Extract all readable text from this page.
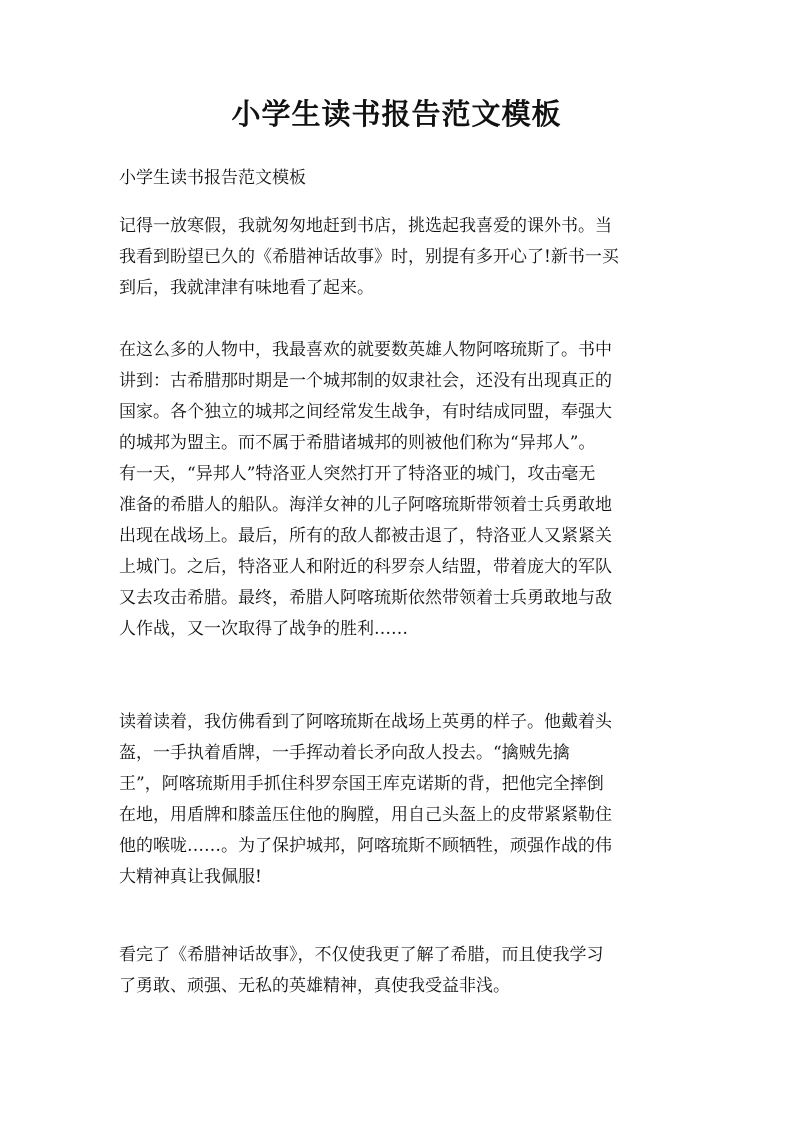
小学生读书报告范文模板
小学生读书报告范文模板
记得一放寒假，我就匆匆地赶到书店，挑选起我喜爱的课外书。当
我看到盼望已久的《希腊神话故事》时，别提有多开心了!新书一买
到后，我就津津有味地看了起来。
在这么多的人物中，我最喜欢的就要数英雄人物阿喀琉斯了。书中
讲到：古希腊那时期是一个城邦制的奴隶社会，还没有出现真正的
国家。各个独立的城邦之间经常发生战争，有时结成同盟，奉强大
的城邦为盟主。而不属于希腊诸城邦的则被他们称为“异邦人”。
有一天，“异邦人”特洛亚人突然打开了特洛亚的城门，攻击毫无
准备的希腊人的船队。海洋女神的儿子阿喀琉斯带领着士兵勇敢地
出现在战场上。最后，所有的敌人都被击退了，特洛亚人又紧紧关
上城门。之后，特洛亚人和附近的科罗奈人结盟，带着庞大的军队
又去攻击希腊。最终，希腊人阿喀琉斯依然带领着士兵勇敢地与敌
人作战，又一次取得了战争的胜利……
读着读着，我仿佛看到了阿喀琉斯在战场上英勇的样子。他戴着头
盔，一手执着盾牌，一手挥动着长矛向敌人投去。“擒贼先擒
王”，阿喀琉斯用手抓住科罗奈国王库克诺斯的背，把他完全摔倒
在地，用盾牌和膝盖压住他的胸膛，用自己头盔上的皮带紧紧勒住
他的喉咙……。为了保护城邦，阿喀琉斯不顾牺牲，顽强作战的伟
大精神真让我佩服!
看完了《希腊神话故事》，不仅使我更了解了希腊，而且使我学习
了勇敢、顽强、无私的英雄精神，真使我受益非浅。
